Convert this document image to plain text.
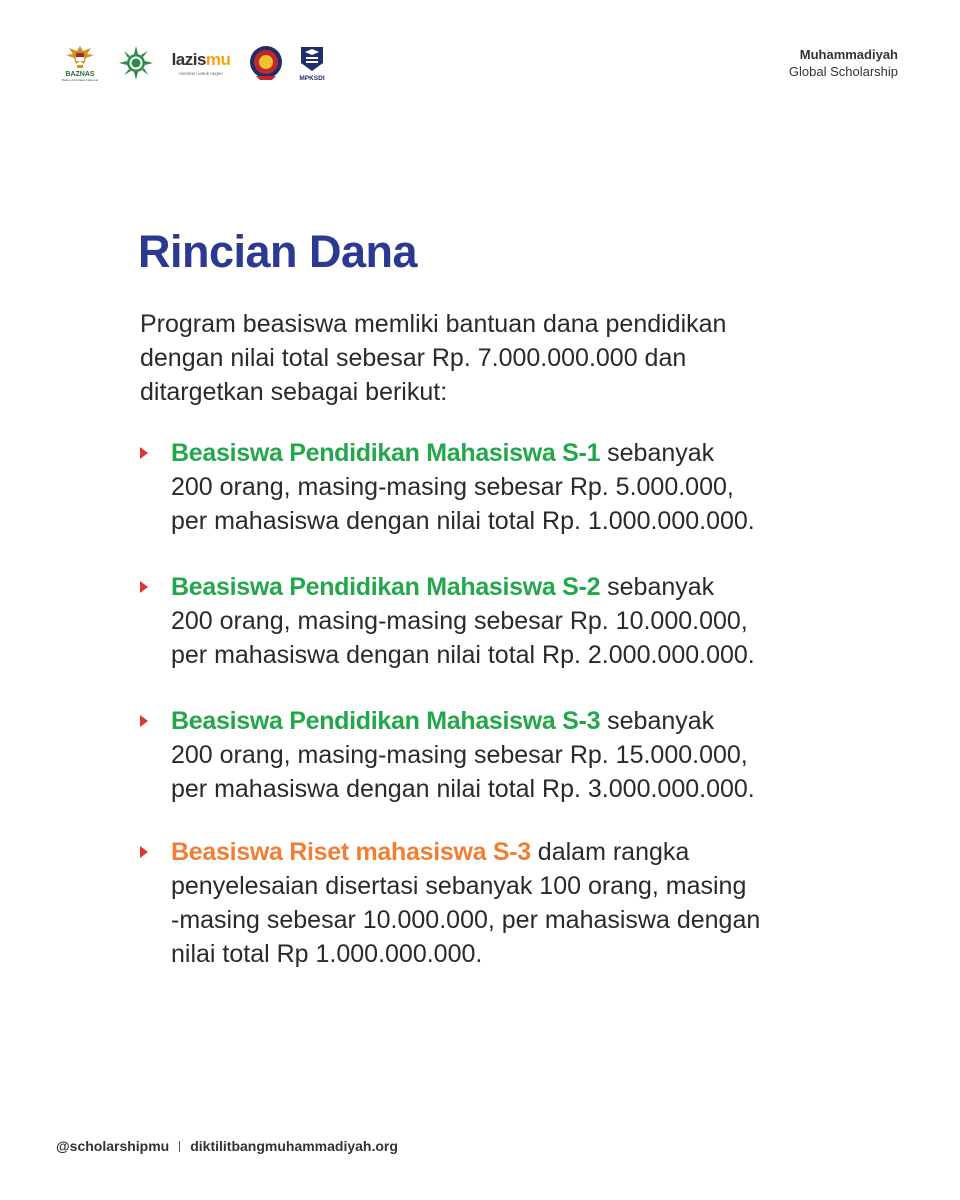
BAZNAS
Badan Amil Zakat Nasional
lazismu
memberi untuk negeri
MPKSDI
Muhammadiyah
Global Scholarship
Rincian Dana

Program beasiswa memliki bantuan dana pendidikan
dengan nilai total sebesar Rp. 7.000.000.000 dan
ditargetkan sebagai berikut:

Beasiswa Pendidikan Mahasiswa S-1 sebanyak
200 orang, masing-masing sebesar Rp. 5.000.000,
per mahasiswa dengan nilai total Rp. 1.000.000.000.
Beasiswa Pendidikan Mahasiswa S-2 sebanyak
200 orang, masing-masing sebesar Rp. 10.000.000,
per mahasiswa dengan nilai total Rp. 2.000.000.000.
Beasiswa Pendidikan Mahasiswa S-3 sebanyak
200 orang, masing-masing sebesar Rp. 15.000.000,
per mahasiswa dengan nilai total Rp. 3.000.000.000.
Beasiswa Riset mahasiswa S-3 dalam rangka
penyelesaian disertasi sebanyak 100 orang, masing
-masing sebesar 10.000.000, per mahasiswa dengan
nilai total Rp 1.000.000.000.
@scholarshipmu diktilitbangmuhammadiyah.org
